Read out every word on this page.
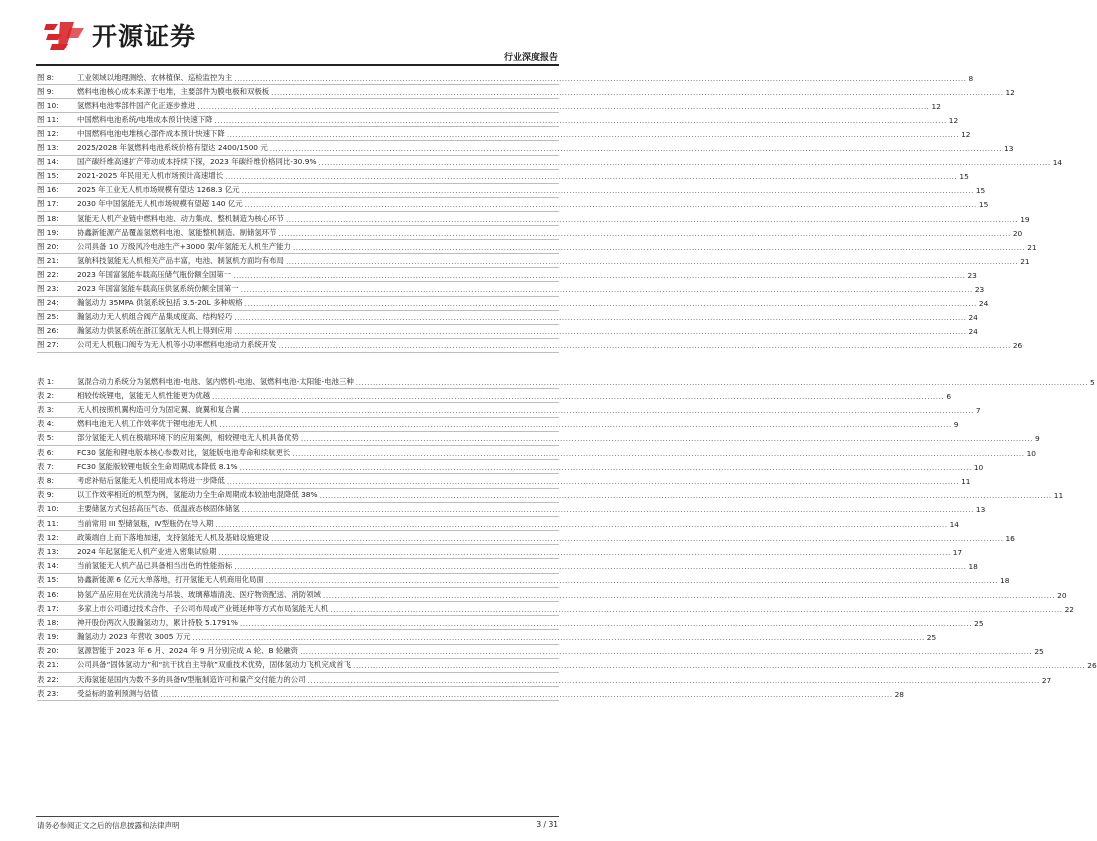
开源证券
行业深度报告
图 8:	工业领域以地理测绘、农林植保、巡检监控为主 .....	8
图 9:	燃料电池核心成本来源于电堆，主要部件为膜电极和双极板 .....	12
图 10:	氢燃料电池零部件国产化正逐步推进 .....	12
图 11:	中国燃料电池系统/电堆成本预计快速下降 .....	12
图 12:	中国燃料电池电堆核心部件成本预计快速下降 .....	12
图 13:	2025/2028 年氢燃料电池系统价格有望达 2400/1500 元 .....	13
图 14:	国产碳纤维高速扩产带动成本持续下探，2023 年碳纤维价格同比-30.9% .....	14
图 15:	2021-2025 年民用无人机市场预计高速增长 .....	15
图 16:	2025 年工业无人机市场规模有望达 1268.3 亿元 .....	15
图 17:	2030 年中国氢能无人机市场规模有望超 140 亿元 .....	15
图 18:	氢能无人机产业链中燃料电池、动力集成、整机制造为核心环节 .....	19
图 19:	协鑫新能源产品覆盖氢燃料电池、氢能整机制造、制储氢环节 .....	20
图 20:	公司具备 10 万级风冷电池生产+3000 架/年氢能无人机生产能力 .....	21
图 21:	氢航科技氢能无人机相关产品丰富，电池、制氢机方面均有布局 .....	21
图 22:	2023 年国富氢能车载高压储气瓶份额全国第一 .....	23
图 23:	2023 年国富氢能车载高压供氢系统份额全国第一 .....	23
图 24:	瀚氢动力 35MPA 供氢系统包括 3.5-20L 多种规格 .....	24
图 25:	瀚氢动力无人机组合阀产品集成度高、结构轻巧 .....	24
图 26:	瀚氢动力供氢系统在浙江氢航无人机上得到应用 .....	24
图 27:	公司无人机瓶口阀专为无人机等小功率燃料电池动力系统开发 .....	26
表 1:	氢混合动力系统分为氢燃料电池-电池、氢内燃机-电池、氢燃料电池-太阳能-电池三种 .....	5
表 2:	相较传统锂电，氢能无人机性能更为优越 .....	6
表 3:	无人机按照机翼构造可分为固定翼、旋翼和复合翼 .....	7
表 4:	燃料电池无人机工作效率优于锂电池无人机 .....	9
表 5:	部分氢能无人机在极端环境下的应用案例，相较锂电无人机具备优势 .....	9
表 6:	FC30 氢能和锂电版本核心参数对比，氢能版电池寿命和续航更长 .....	10
表 7:	FC30 氢能版较锂电版全生命周期成本降低 8.1% .....	10
表 8:	考虑补贴后氢能无人机使用成本将进一步降低 .....	11
表 9:	以工作效率相近的机型为例，氢能动力全生命周期成本较油电混降低 38% .....	11
表 10:	主要储氢方式包括高压气态、低温液态核固体储氢 .....	13
表 11:	当前常用 III 型储氢瓶，Ⅳ型瓶仍在导入期 .....	14
表 12:	政策端自上而下落地加速，支持氢能无人机及基础设施建设 .....	16
表 13:	2024 年起氢能无人机产业进入密集试验期 .....	17
表 14:	当前氢能无人机产品已具备相当出色的性能指标 .....	18
表 15:	协鑫新能源 6 亿元大单落地，打开氢能无人机商用化局面 .....	18
表 16:	协氢产品应用在光伏清洗与吊装、玻璃幕墙清洗、医疗物资配送、消防领域 .....	20
表 17:	多家上市公司通过技术合作、子公司布局或产业链延伸等方式布局氢能无人机 .....	22
表 18:	神开股份两次入股瀚氢动力，累计持股 5.1791% .....	25
表 19:	瀚氢动力 2023 年营收 3005 万元 .....	25
表 20:	氢源智能于 2023 年 6 月、2024 年 9 月分别完成 A 轮、B 轮融资 .....	25
表 21:	公司具备“固体氢动力”和“抗干扰自主导航”双重技术优势，固体氢动力飞机完成首飞 .....	26
表 22:	天海氢能是国内为数不多的具备Ⅳ型瓶制造许可和量产交付能力的公司 .....	27
表 23:	受益标的盈利预测与估值 .....	28
请务必参阅正文之后的信息披露和法律声明	3 / 31
